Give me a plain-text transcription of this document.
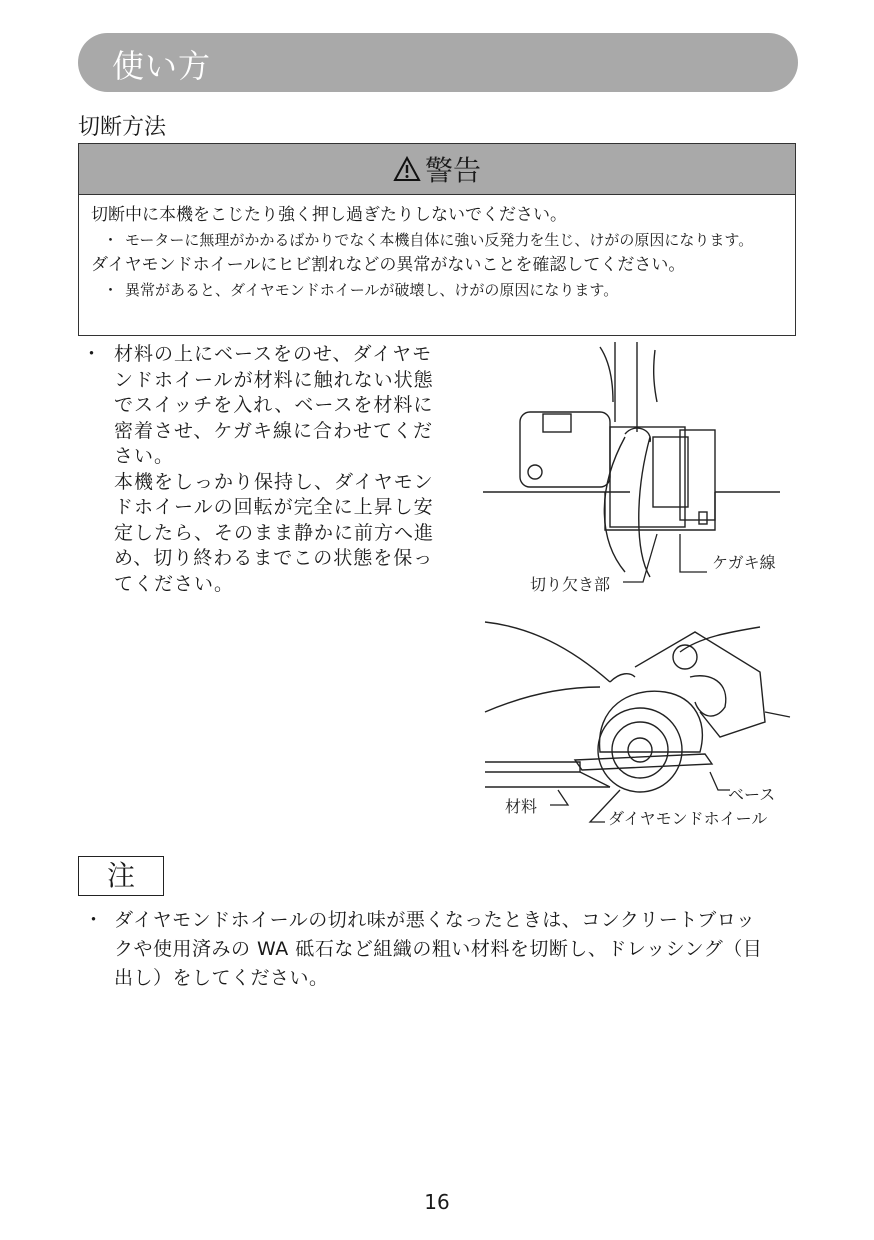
使い方
切断方法
警告
切断中に本機をこじたり強く押し過ぎたりしないでください。
・ モーターに無理がかかるばかりでなく本機自体に強い反発力を生じ、けがの原因になります。
ダイヤモンドホイールにヒビ割れなどの異常がないことを確認してください。
・ 異常があると、ダイヤモンドホイールが破壊し、けがの原因になります。
・ 材料の上にベースをのせ、ダイヤモ
ンドホイールが材料に触れない状態
でスイッチを入れ、ベースを材料に
密着させ、ケガキ線に合わせてくだ
さい。
本機をしっかり保持し、ダイヤモン
ドホイールの回転が完全に上昇し安
定したら、そのまま静かに前方へ進
め、切り終わるまでこの状態を保っ
てください。
ケガキ線
切り欠き部
材料
ベース
ダイヤモンドホイール
注
・ ダイヤモンドホイールの切れ味が悪くなったときは、コンクリートブロッ
クや使用済みの WA 砥石など組織の粗い材料を切断し、ドレッシング（目
出し）をしてください。
16
